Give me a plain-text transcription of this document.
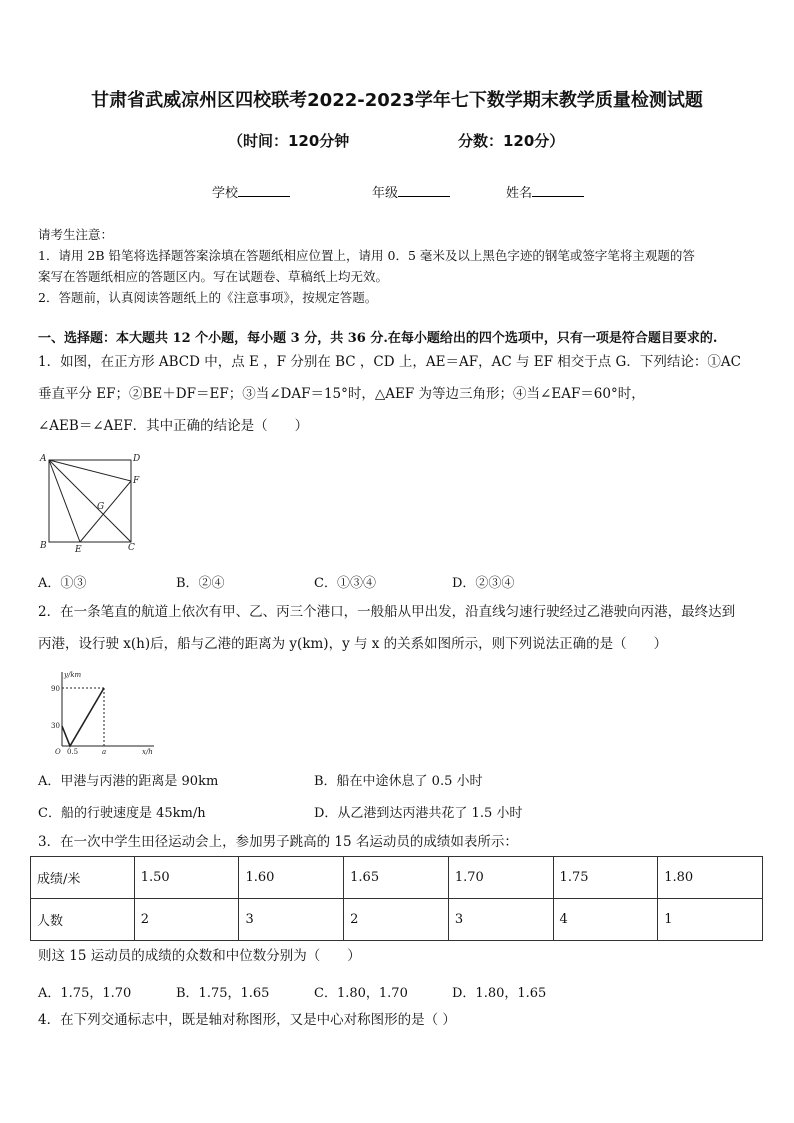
甘肃省武威凉州区四校联考2022-2023学年七下数学期末教学质量检测试题
（时间：120分钟	分数：120分）
学校	年级	姓名

请考生注意：

1．请用 2B 铅笔将选择题答案涂填在答题纸相应位置上，请用 0．5 毫米及以上黑色字迹的钢笔或签字笔将主观题的答

案写在答题纸相应的答题区内。写在试题卷、草稿纸上均无效。

2．答题前，认真阅读答题纸上的《注意事项》，按规定答题。

一、选择题：本大题共 12 个小题，每小题 3 分，共 36 分.在每小题给出的四个选项中，只有一项是符合题目要求的.

1．如图，在正方形 ABCD 中，点 E ，F 分别在 BC ，CD 上，AE＝AF，AC 与 EF 相交于点 G．下列结论：①AC

垂直平分 EF；②BE＋DF＝EF；③当∠DAF＝15°时，△AEF 为等边三角形；④当∠EAF＝60°时，

∠AEB＝∠AEF．其中正确的结论是（　　）

A	D
F
G
B	E	C
A．①③	B．②④	C．①③④	D．②③④

2．在一条笔直的航道上依次有甲、乙、丙三个港口，一般船从甲出发，沿直线匀速行驶经过乙港驶向丙港，最终达到

丙港，设行驶 x(h)后，船与乙港的距离为 y(km)，y 与 x 的关系如图所示，则下列说法正确的是（　　）

y/km
x/h
90
30
O 0.5	a
A．甲港与丙港的距离是 90km	B．船在中途休息了 0.5 小时
C．船的行驶速度是 45km/h	D．从乙港到达丙港共花了 1.5 小时

3．在一次中学生田径运动会上，参加男子跳高的 15 名运动员的成绩如表所示：

成绩/米	1.50	1.60	1.65	1.70	1.75	1.80
人数	2	3	2	3	4	1

则这 15 运动员的成绩的众数和中位数分别为（　　）

A．1.75，1.70	B．1.75，1.65	C．1.80，1.70	D．1.80，1.65

4．在下列交通标志中，既是轴对称图形，又是中心对称图形的是（ ）
